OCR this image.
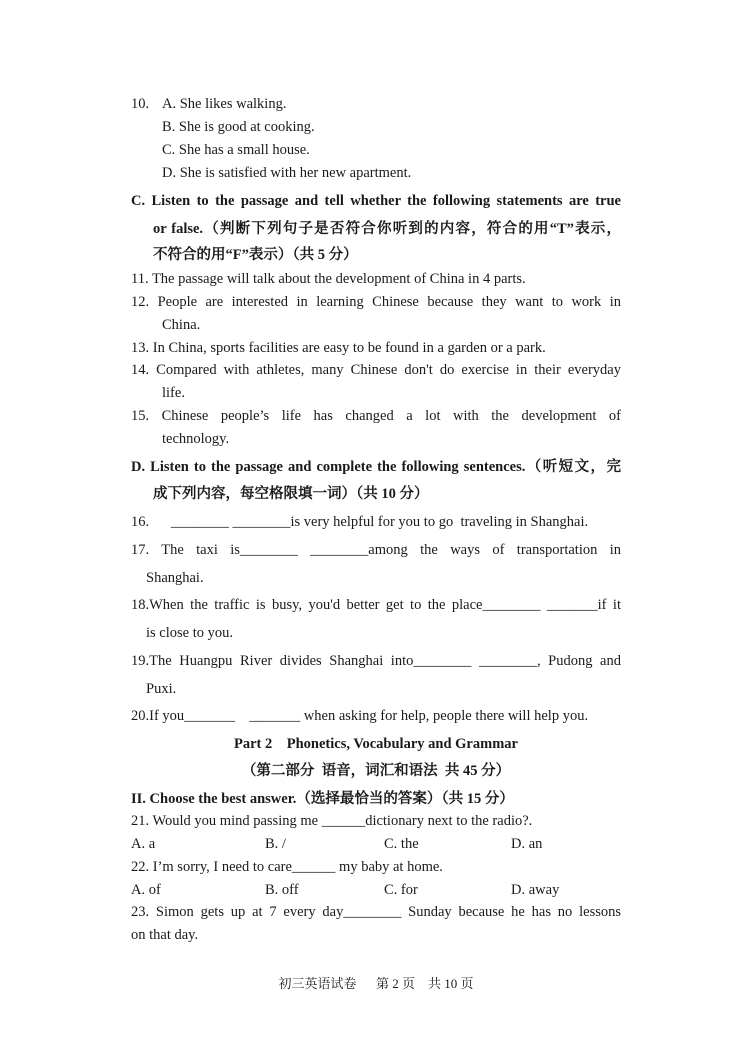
10. A. She likes walking.
B. She is good at cooking.
C. She has a small house.
D. She is satisfied with her new apartment.
C. Listen to the passage and tell whether the following statements are true
or false.（判断下列句子是否符合你听到的内容，符合的用“T”表示，
不符合的用“F”表示）（共 5 分）
11. The passage will talk about the development of China in 4 parts.
12. People are interested in learning Chinese because they want to work in
China.
13. In China, sports facilities are easy to be found in a garden or a park.
14. Compared with athletes, many Chinese don't do exercise in their everyday
life.
15. Chinese people’s life has changed a lot with the development of
technology.
D. Listen to the passage and complete the following sentences.（听短文，完
成下列内容，每空格限填一词）（共 10 分）
16.      ________ ________is very helpful for you to go  traveling in Shanghai.
17. The taxi is________ ________among the ways of transportation in
Shanghai.
18.When the traffic is busy, you'd better get to the place________ _______if it
is close to you.
19.The Huangpu River divides Shanghai into________ ________, Pudong and
Puxi.
20.If you_______    _______ when asking for help, people there will help you.
Part 2    Phonetics, Vocabulary and Grammar
（第二部分  语音，词汇和语法  共 45 分）
II. Choose the best answer.（选择最恰当的答案）（共 15 分）
21. Would you mind passing me ______dictionary next to the radio?.
A. a	B. /	C. the	D. an
22. I’m sorry, I need to care______ my baby at home.
A. of	B. off	C. for	D. away
23. Simon gets up at 7 every day________ Sunday because he has no lessons
on that day.
初三英语试卷      第 2 页    共 10 页
